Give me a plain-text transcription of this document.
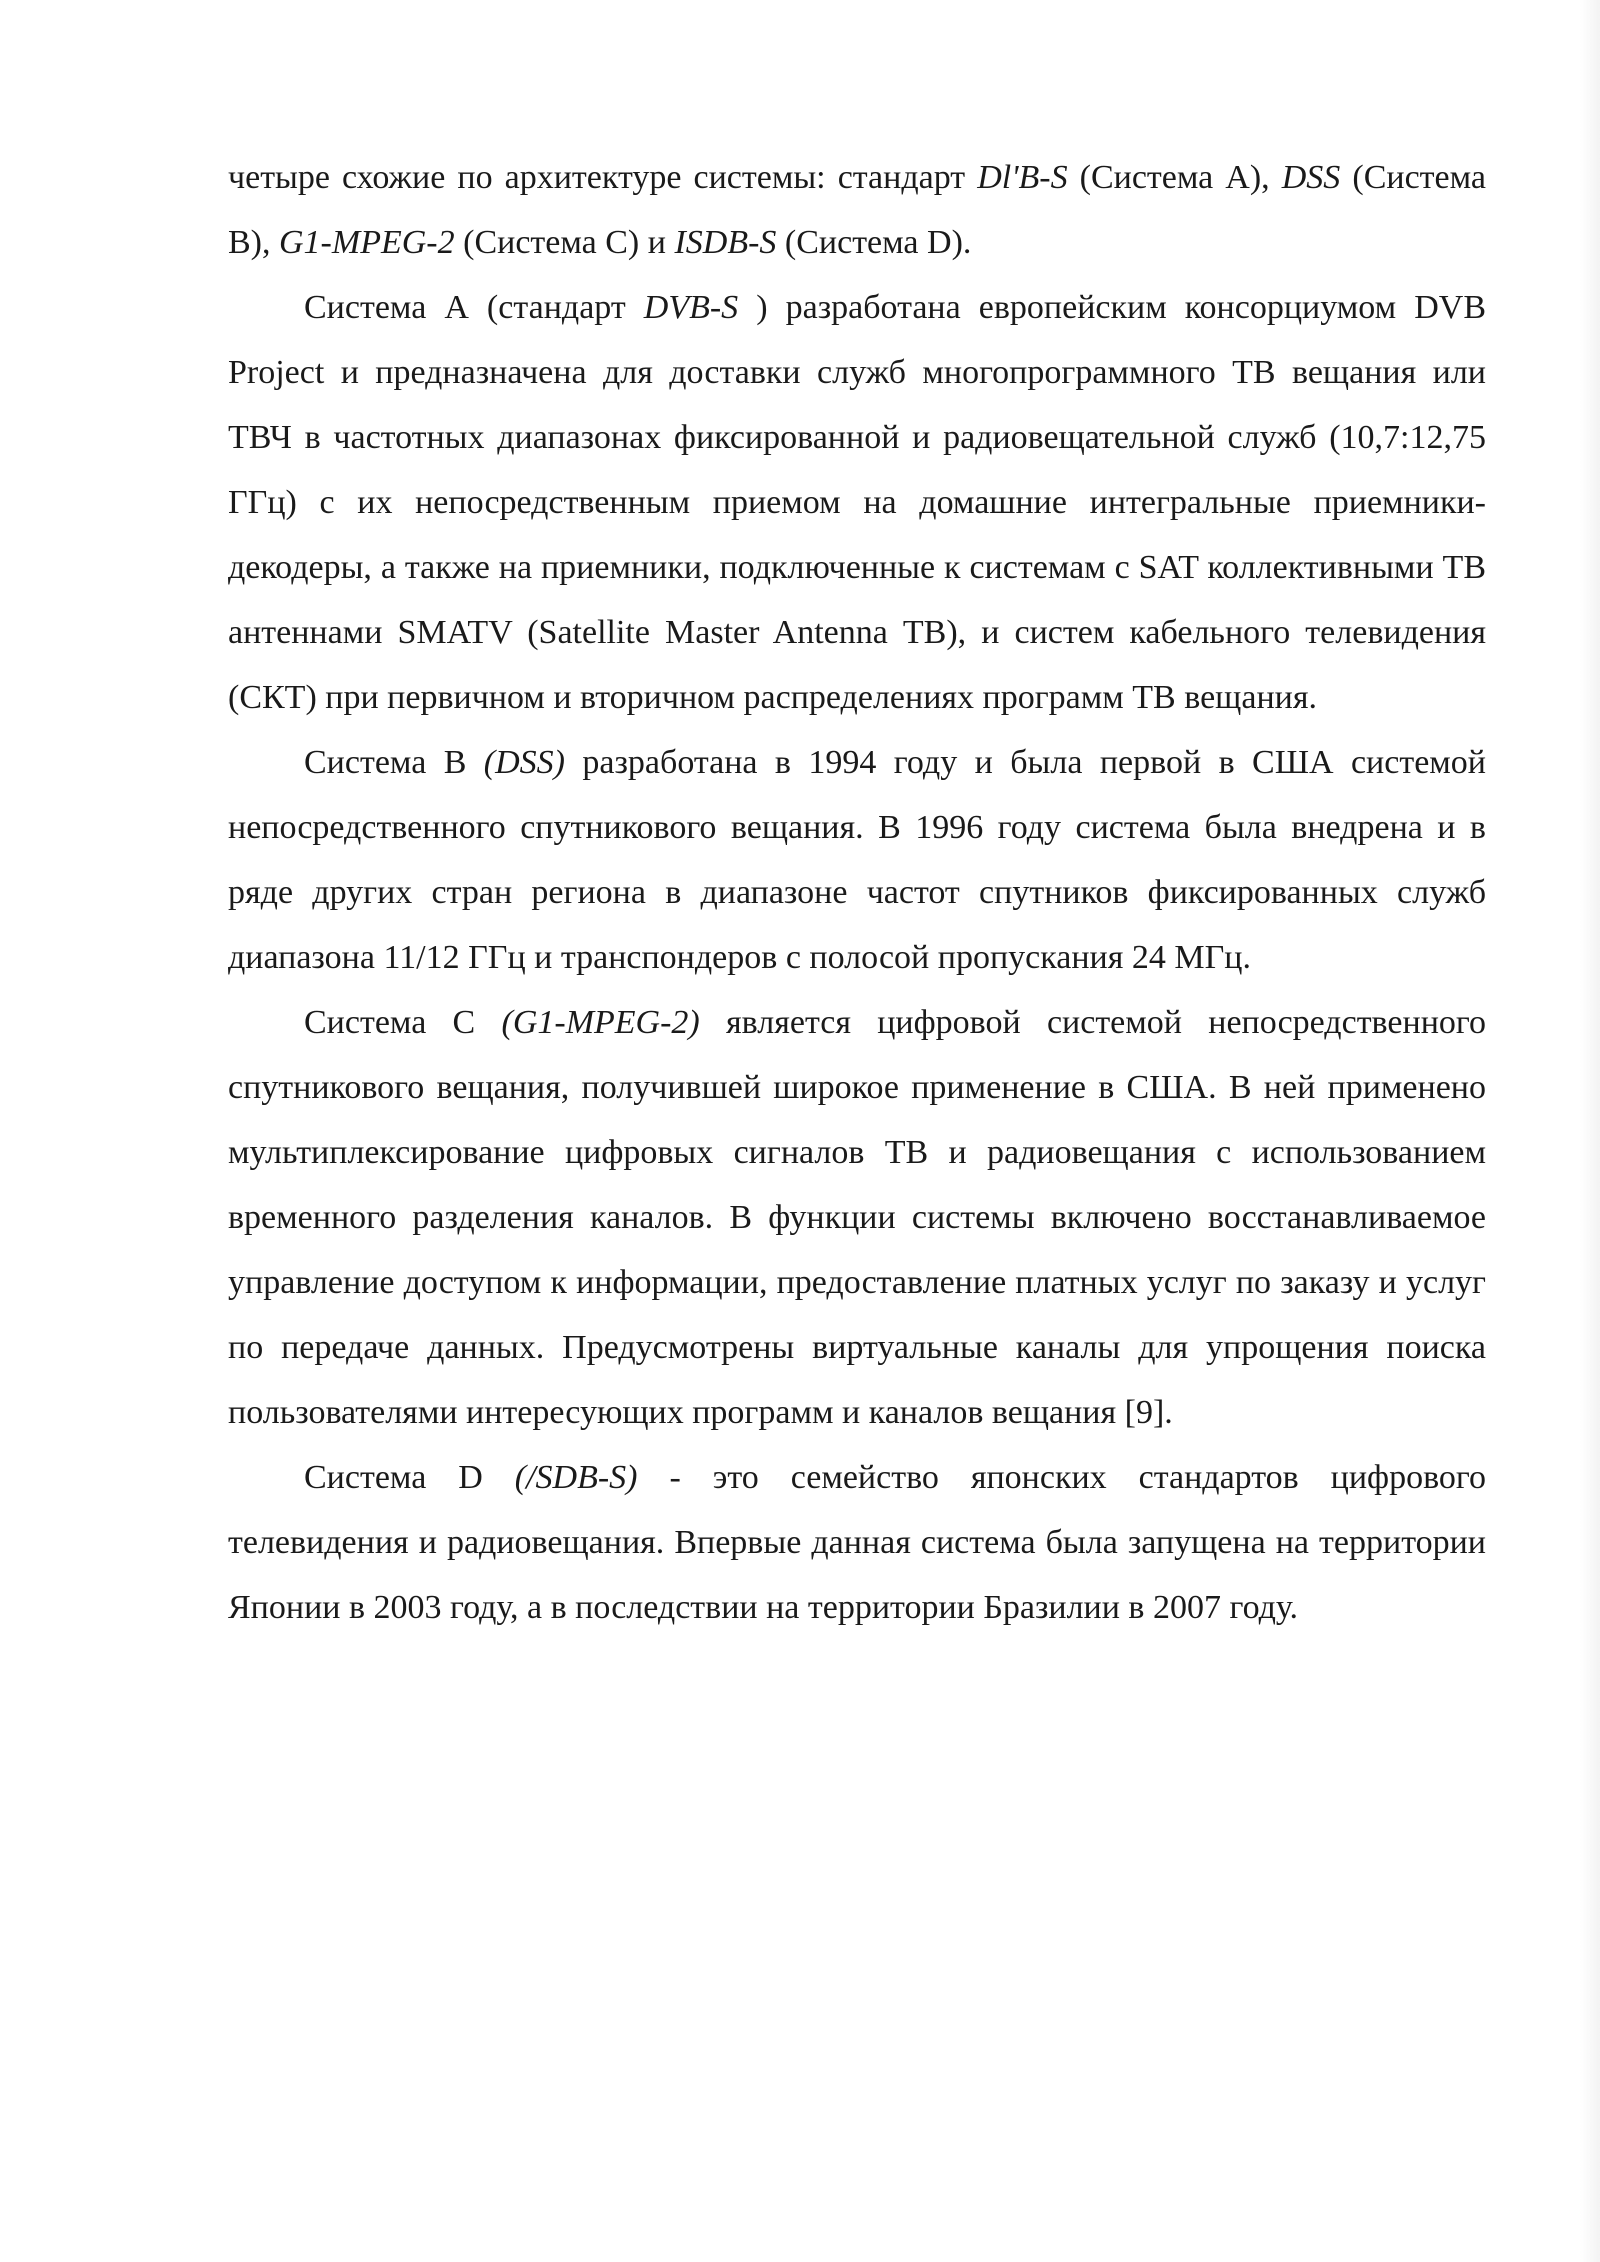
четыре схожие по архитектуре системы: стандарт Dl'B-S (Система A), DSS (Система B), G1-MPEG-2 (Система C) и ISDB-S (Система D).

Система А (стандарт DVB-S ) разработана европейским консорциумом DVB Project и предназначена для доставки служб многопрограммного ТВ вещания или ТВЧ в частотных диапазонах фиксированной и радиовещательной служб (10,7:12,75 ГГц) с их непосредственным приемом на домашние интегральные приемники-декодеры, а также на приемники, подключенные к системам с SAT коллективными ТВ антеннами SMATV (Satellite Master Antenna ТВ), и систем кабельного телевидения (СКТ) при первичном и вторичном распределениях программ ТВ вещания.

Система В (DSS) разработана в 1994 году и была первой в США системой непосредственного спутникового вещания. В 1996 году система была внедрена и в ряде других стран региона в диапазоне частот спутников фиксированных служб диапазона 11/12 ГГц и транспондеров с полосой пропускания 24 МГц.

Система С (G1-MPEG-2) является цифровой системой непосредственного спутникового вещания, получившей широкое применение в США. В ней применено мультиплексирование цифровых сигналов ТВ и радиовещания с использованием временного разделения каналов. В функции системы включено восстанавливаемое управление доступом к информации, предоставление платных услуг по заказу и услуг по передаче данных. Предусмотрены виртуальные каналы для упрощения поиска пользователями интересующих программ и каналов вещания [9].

Система D (/SDB-S) - это семейство японских стандартов цифрового телевидения и радиовещания. Впервые данная система была запущена на территории Японии в 2003 году, а в последствии на территории Бразилии в 2007 году.
